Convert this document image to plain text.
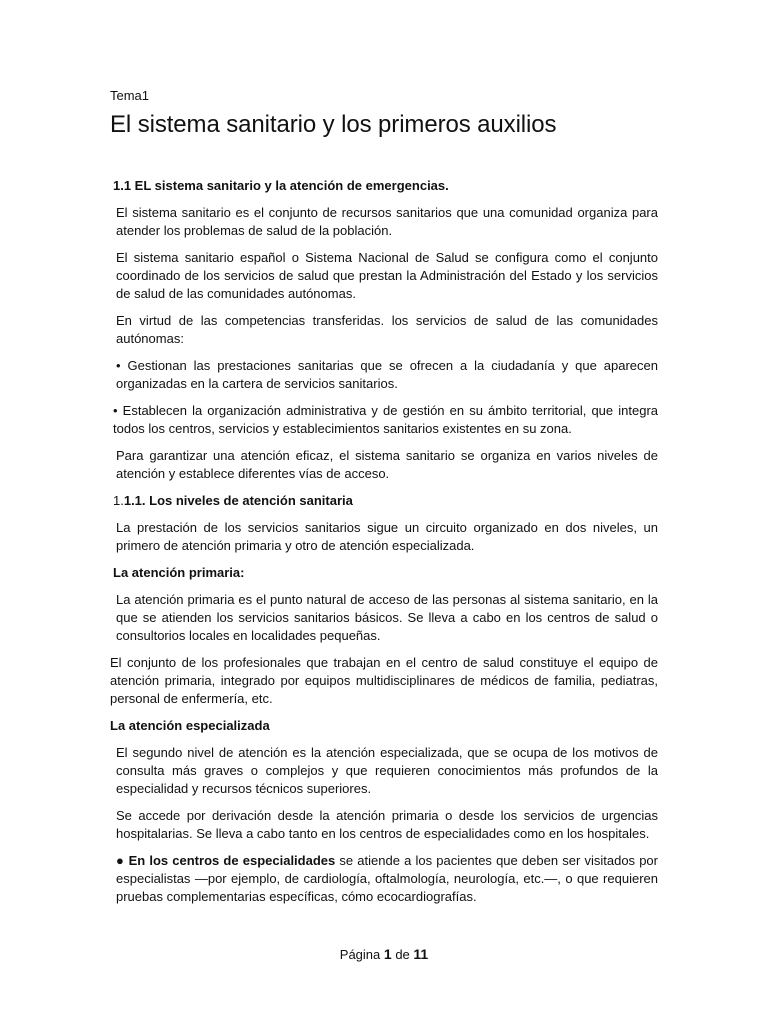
Tema1
El sistema sanitario y los primeros auxilios

1.1 EL sistema sanitario y la atención de emergencias.

El sistema sanitario es el conjunto de recursos sanitarios que una comunidad organiza para atender los problemas de salud de la población.

El sistema sanitario español o Sistema Nacional de Salud se configura como el conjunto coordinado de los servicios de salud que prestan la Administración del Estado y los servicios de salud de las comunidades autónomas.

En virtud de las competencias transferidas. los servicios de salud de las comunidades autónomas:

• Gestionan las prestaciones sanitarias que se ofrecen a la ciudadanía y que aparecen organizadas en la cartera de servicios sanitarios.

• Establecen la organización administrativa y de gestión en su ámbito territorial, que integra todos los centros, servicios y establecimientos sanitarios existentes en su zona.

Para garantizar una atención eficaz, el sistema sanitario se organiza en varios niveles de atención y establece diferentes vías de acceso.

1.1.1. Los niveles de atención sanitaria

La prestación de los servicios sanitarios sigue un circuito organizado en dos niveles, un primero de atención primaria y otro de atención especializada.

La atención primaria:

La atención primaria es el punto natural de acceso de las personas al sistema sanitario, en la que se atienden los servicios sanitarios básicos. Se lleva a cabo en los centros de salud o consultorios locales en localidades pequeñas.

El conjunto de los profesionales que trabajan en el centro de salud constituye el equipo de atención primaria, integrado por equipos multidisciplinares de médicos de familia, pediatras, personal de enfermería, etc.

La atención especializada

El segundo nivel de atención es la atención especializada, que se ocupa de los motivos de consulta más graves o complejos y que requieren conocimientos más profundos de la especialidad y recursos técnicos superiores.

Se accede por derivación desde la atención primaria o desde los servicios de urgencias hospitalarias. Se lleva a cabo tanto en los centros de especialidades como en los hospitales.

● En los centros de especialidades se atiende a los pacientes que deben ser visitados por especialistas —por ejemplo, de cardiología, oftalmología, neurología, etc.—, o que requieren pruebas complementarias específicas, cómo ecocardiografías.

Página 1 de 11
